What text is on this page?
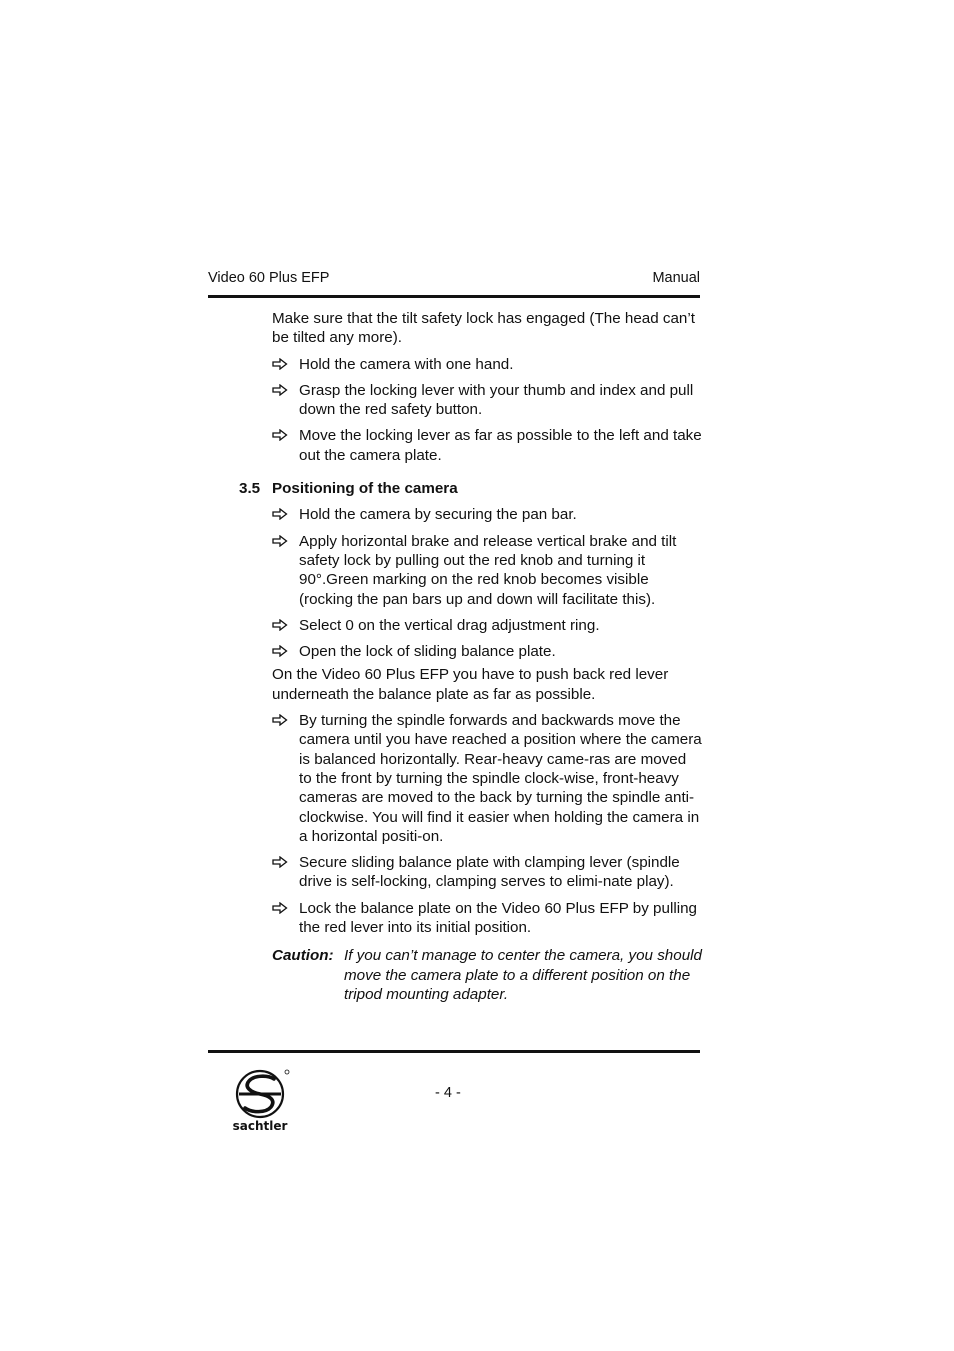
Video 60 Plus EFP	Manual

Make sure that the tilt safety lock has engaged (The head can’t be tilted any more).

Hold the camera with one hand.
Grasp the locking lever with your thumb and index and pull down the red safety button.
Move the locking lever as far as possible to the left and take out the camera plate.
3.5 Positioning of the camera
Hold the camera by securing the pan bar.
Apply horizontal brake and release vertical brake and tilt safety lock by pulling out the red knob and turning it 90°.Green marking on the red knob becomes visible (rocking the pan bars up and down will facilitate this).
Select 0 on the vertical drag adjustment ring.
Open the lock of sliding balance plate.

On the Video 60 Plus EFP you have to push back red lever underneath the balance plate as far as possible.

By turning the spindle forwards and backwards move the camera until you have reached a position where the camera is balanced horizontally. Rear-heavy came-ras are moved to the front by turning the spindle clock-wise, front-heavy cameras are moved to the back by turning the spindle anti-clockwise. You will find it easier when holding the camera in a horizontal positi-on.
Secure sliding balance plate with clamping lever (spindle drive is self-locking, clamping serves to elimi-nate play).
Lock the balance plate on the Video 60 Plus EFP by pulling the red lever into its initial position.
Caution: If you can’t manage to center the camera, you should move the camera plate to a different position on the tripod mounting adapter.
sachtler
- 4 -
